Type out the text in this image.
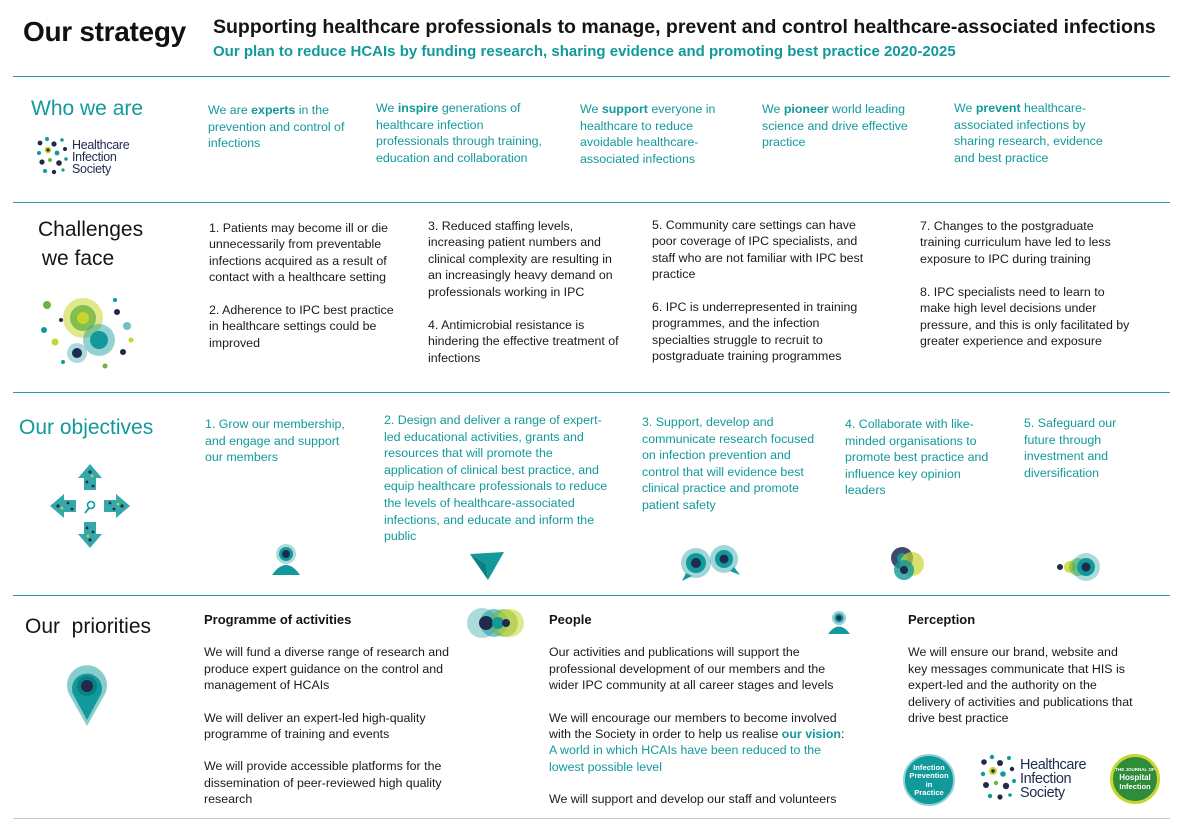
Our strategy Supporting healthcare professionals to manage, prevent and control healthcare-associated infections
Our plan to reduce HCAIs by funding research, sharing evidence and promoting best practice 2020-2025
Who we are
Healthcare
Infection
Society
We are experts in the prevention and control of infections
We inspire generations of healthcare infection professionals through training, education and collaboration
We support everyone in healthcare to reduce avoidable healthcare-associated infections
We pioneer world leading science and drive effective practice
We prevent healthcare-associated infections by sharing research, evidence and best practice
Challenges
we face
1. Patients may become ill or die unnecessarily from preventable infections acquired as a result of contact with a healthcare setting
2. Adherence to IPC best practice in healthcare settings could be improved
3. Reduced staffing levels, increasing patient numbers and clinical complexity are resulting in an increasingly heavy demand on professionals working in IPC
4. Antimicrobial resistance is hindering the effective treatment of infections
5. Community care settings can have poor coverage of IPC specialists, and staff who are not familiar with IPC best practice
6. IPC is underrepresented in training programmes, and the infection specialties struggle to recruit to postgraduate training programmes
7. Changes to the postgraduate training curriculum have led to less exposure to IPC during training
8. IPC specialists need to learn to make high level decisions under pressure, and this is only facilitated by greater experience and exposure
Our objectives	1. Grow our membership, and engage and support our members
2. Design and deliver a range of expert-led educational activities, grants and resources that will promote the application of clinical best practice, and equip healthcare professionals to reduce the levels of healthcare-associated infections, and educate and inform the public
3. Support, develop and communicate research focused on infection prevention and control that will evidence best clinical practice and promote patient safety
4. Collaborate with like-minded organisations to promote best practice and influence key opinion leaders
5. Safeguard our future through investment and diversification
Our  priorities	Programme of activities
We will fund a diverse range of research and produce expert guidance on the control and management of HCAIs
We will deliver an expert-led high-quality programme of training and events
We will provide accessible platforms for the dissemination of peer-reviewed high quality research
People
Our activities and publications will support the professional development of our members and the wider IPC community at all career stages and levels
We will encourage our members to become involved with the Society in order to help us realise our vision:
A world in which HCAIs have been reduced to the lowest possible level
We will support and develop our staff and volunteers
Perception
We will ensure our brand, website and key messages communicate that HIS is expert-led and the authority on the delivery of activities and publications that drive best practice
Infection
Prevention
in
Practice
Healthcare
Infection
Society
THE JOURNAL OF
Hospital
Infection
